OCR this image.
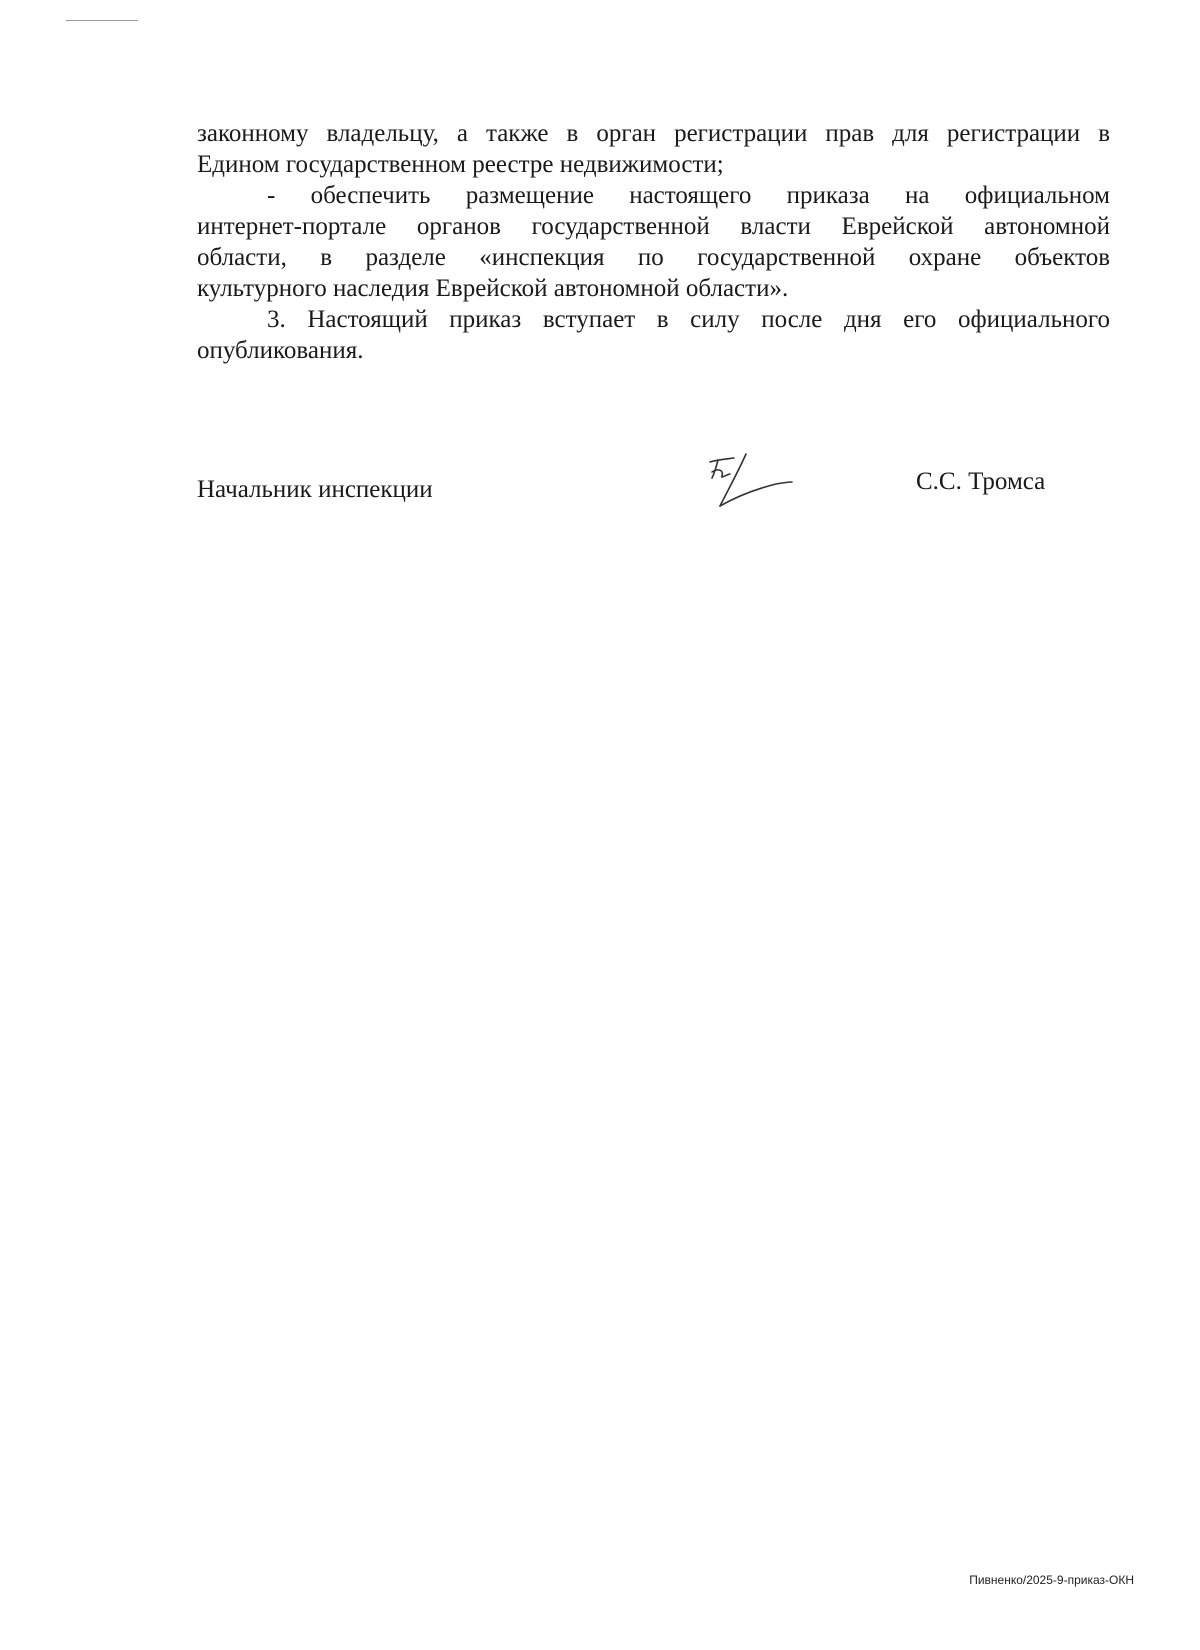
законному владельцу, а также в орган регистрации прав для регистрации в

Едином государственном реестре недвижимости;

- обеспечить размещение настоящего приказа на официальном

интернет-портале органов государственной власти Еврейской автономной

области, в разделе «инспекция по государственной охране объектов

культурного наследия Еврейской автономной области».

3. Настоящий приказ вступает в силу после дня его официального

опубликования.

Начальник инспекции	С.С. Тромса
Пивненко/2025-9-приказ-ОКН
